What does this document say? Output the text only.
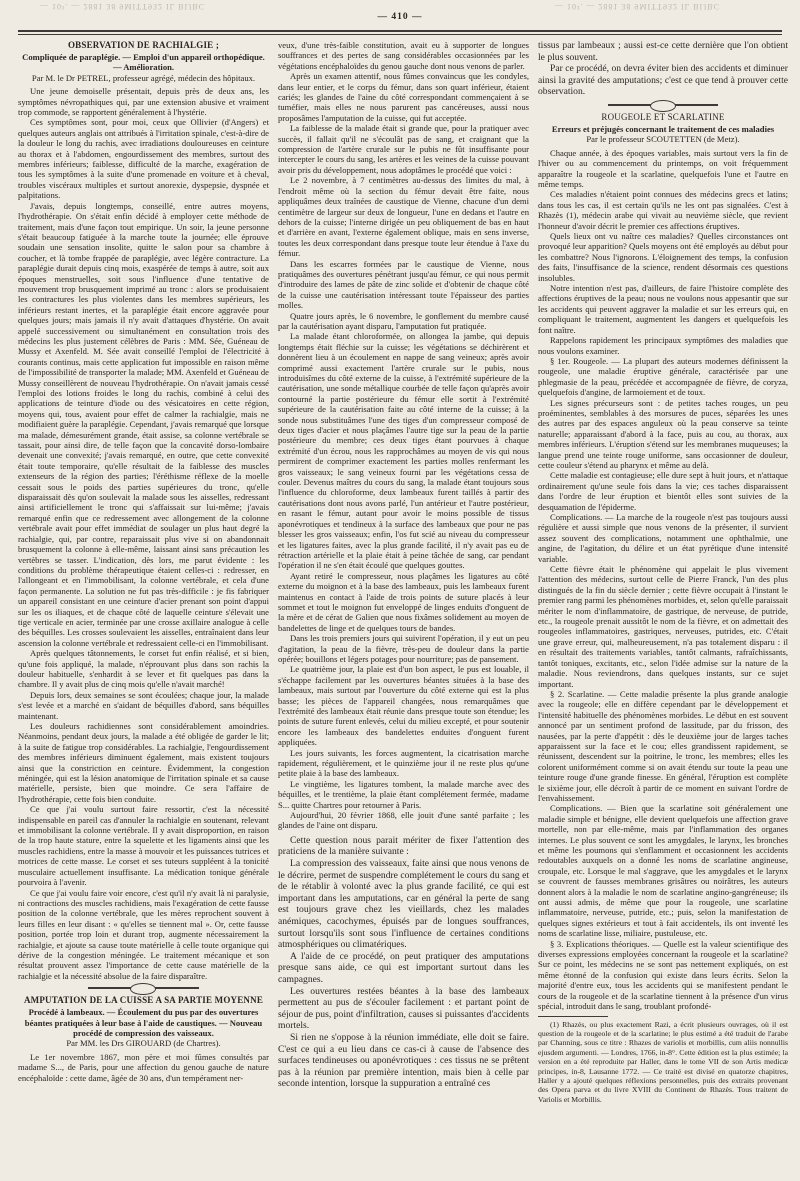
— 10². — 2881 38 9MITT932 IL BIJBC	— 10². — 2881 38 9MITT932 IL BIJBC
— 410 —
OBSERVATION DE RACHIALGIE ;
Compliquée de paraplégie. — Emploi d'un appareil orthopédique. — Amélioration.

Par M. le Dr PETREL, professeur agrégé, médecin des hôpitaux.

Une jeune demoiselle présentait, depuis près de deux ans, les symptômes névropathiques qui, par une extension abusive et vraiment trop commode, se rapportent généralement à l'hystérie.

Ces symptômes sont, pour moi, ceux que Ollivier (d'Angers) et quelques auteurs anglais ont attribués à l'irritation spinale, c'est-à-dire de la douleur le long du rachis, avec irradiations douloureuses en ceinture au thorax et à l'abdomen, engourdissement des membres, surtout des membres inférieurs; faiblesse, difficulté de la marche, exagération de tous les symptômes à la suite d'une promenade en voiture et à cheval, troubles viscéraux multiples et surtout anorexie, dyspepsie, dyspnée et palpitations.

J'avais, depuis longtemps, conseillé, entre autres moyens, l'hydrothérapie. On s'était enfin décidé à employer cette méthode de traitement, mais d'une façon tout empirique. Un soir, la jeune personne s'était beaucoup fatiguée à la marche toute la journée; elle éprouve soudain une sensation insolite, quitte le salon pour sa chambre à coucher, et là tombe frappée de paraplégie, avec légère contracture. La paraplégie durait depuis cinq mois, exaspérée de temps à autre, soit aux époques menstruelles, soit sous l'influence d'une tentative de mouvement trop brusquement imprimé au tronc : alors se produisaient les contractures les plus violentes dans les membres supérieurs, les inférieurs restant inertes, et la paraplégie était encore aggravée pour quelques jours; mais jamais il n'y avait d'attaques d'hystérie. On avait appelé successivement ou simultanément en consultation trois des médecins les plus justement célèbres de Paris : MM. Sée, Guéneau de Mussy et Axenfeld. M. Sée avait conseillé l'emploi de l'électricité à courants continus, mais cette application fut impossible en raison même de l'impossibilité de transporter la malade; MM. Axenfeld et Guéneau de Mussy conseillèrent de nouveau l'hydrothérapie. On n'avait jamais cessé l'emploi des lotions froides le long du rachis, combiné à celui des applications de teinture d'iode ou des vésicatoires en cette région, moyens qui, tous, avaient pour effet de calmer la rachialgie, mais ne modifiaient guère la paraplégie. Cependant, j'avais remarqué que lorsque ma malade, démesurément grande, était assise, sa colonne vertébrale se tassait, pour ainsi dire, de telle façon que la concavité dorso-lombaire devenait une convexité; j'avais remarqué, en outre, que cette convexité était toute temporaire, qu'elle résultait de la faiblesse des muscles extenseurs de la région des parties; l'éréthisme réflexe de la moelle cessait sous le poids des parties supérieures du tronc, qu'elle disparaissait dès qu'on soulevait la malade sous les aisselles, redressant ainsi artificiellement le tronc qui s'affaissait sur lui-même; j'avais remarqué enfin que ce redressement avec allongement de la colonne vertébrale avait pour effet immédiat de soulager un plus haut degré la rachialgie, qui, par contre, reparaissait plus vive si on abandonnait brusquement la colonne à elle-même, laissant ainsi sans précaution les vertèbres se tasser. L'indication, dès lors, me parut évidente : les conditions du problème thérapeutique étaient celles-ci : redresser, en l'allongeant et en l'immobilisant, la colonne vertébrale, et cela d'une façon permanente. La solution ne fut pas très-difficile : je fis fabriquer un appareil consistant en une ceinture d'acier prenant son point d'appui sur les os iliaques, et de chaque côté de laquelle ceinture s'élevait une tige verticale en acier, terminée par une crosse axillaire analogue à celle des béquilles. Les crosses soulevaient les aisselles, entraînaient dans leur ascension la colonne vertébrale et redressaient celle-ci en l'immobilisant.

Après quelques tâtonnements, le corset fut enfin réalisé, et si bien, qu'une fois appliqué, la malade, n'éprouvant plus dans son rachis la douleur habituelle, s'enhardit à se lever et fit quelques pas dans la chambre. Il y avait plus de cinq mois qu'elle n'avait marché!

Depuis lors, deux semaines se sont écoulées; chaque jour, la malade s'est levée et a marché en s'aidant de béquilles d'abord, sans béquilles maintenant.

Les douleurs rachidiennes sont considérablement amoindries. Néanmoins, pendant deux jours, la malade a été obligée de garder le lit; à la suite de fatigue trop considérables. La rachialgie, l'engourdissement des membres inférieurs diminuent également, mais existent toujours ainsi que la constriction en ceinture. Évidemment, la congestion méningée, qui est la lésion anatomique de l'irritation spinale et sa cause matérielle, persiste, bien que moindre. Ce sera l'affaire de l'hydrothérapie, cette fois bien conduite.

Ce que j'ai voulu surtout faire ressortir, c'est la nécessité indispensable en pareil cas d'annuler la rachialgie en soutenant, relevant et immobilisant la colonne vertébrale. Il y avait disproportion, en raison de la trop haute stature, entre la squelette et les ligaments ainsi que les muscles rachidiens, entre la masse à mouvoir et les puissances tutrices et motrices de cette masse. Le corset et ses tuteurs suppléent à la tonicité musculaire actuellement insuffisante. La médication tonique générale pourvoira à l'avenir.

Ce que j'ai voulu faire voir encore, c'est qu'il n'y avait là ni paralysie, ni contractions des muscles rachidiens, mais l'exagération de cette fausse position de la colonne vertébrale, que les mères reprochent souvent à leurs filles en leur disant : « qu'elles se tiennent mal ». Or, cette fausse position, portée trop loin et durant trop, augmente nécessairement la rachialgie, et ajoute sa cause toute matérielle à celle toute organique qui dérive de la congestion méningée. Le traitement mécanique et son résultat prouvent assez l'importance de cette cause matérielle de la rachialgie et la nécessité absolue de la faire disparaître.

AMPUTATION DE LA CUISSE A SA PARTIE MOYENNE
Procédé à lambeaux. — Écoulement du pus par des ouvertures béantes pratiquées à leur base à l'aide de caustiques. — Nouveau procédé de compression des vaisseaux.

Par MM. les Drs GIROUARD (de Chartres).

Le 1er novembre 1867, mon père et moi fûmes consultés par madame S..., de Paris, pour une affection du genou gauche de nature encéphaloïde : cette dame, âgée de 30 ans, d'un tempérament ner-

veux, d'une très-faible constitution, avait eu à supporter de longues souffrances et des pertes de sang considérables occasionnées par les végétations encéphaloïdes du genou gauche dont nous venons de parler.

Après un examen attentif, nous fûmes convaincus que les condyles, dans leur entier, et le corps du fémur, dans son quart inférieur, étaient cariés; les glandes de l'aine du côté correspondant commençaient à se tuméfier, mais elles ne nous parurent pas cancéreuses, aussi nous proposâmes l'amputation de la cuisse, qui fut acceptée.

La faiblesse de la malade était si grande que, pour la pratiquer avec succès, il fallait qu'il ne s'écoulât pas de sang, et craignant que la compression de l'artère crurale sur le pubis ne fût insuffisante pour intercepter le cours du sang, les artères et les veines de la cuisse pouvant avoir pris du développement, nous adoptâmes le procédé que voici :

Le 2 novembre, à 7 centimètres au-dessus des limites du mal, à l'endroit même où la section du fémur devait être faite, nous appliquâmes deux traînées de caustique de Vienne, chacune d'un demi centimètre de largeur sur deux de longueur, l'une en dedans et l'autre en dehors de la cuisse; l'interne dirigée un peu obliquement de bas en haut et d'arrière en avant, l'externe également oblique, mais en sens inverse, toutes les deux correspondant dans presque toute leur étendue à l'axe du fémur.

Dans les escarres formées par le caustique de Vienne, nous pratiquâmes des ouvertures pénétrant jusqu'au fémur, ce qui nous permit d'introduire des lames de pâte de zinc solide et d'obtenir de chaque côté de la cuisse une cautérisation intéressant toute l'épaisseur des parties molles.

Quatre jours après, le 6 novembre, le gonflement du membre causé par la cautérisation ayant disparu, l'amputation fut pratiquée.

La malade étant chloroformée, on allongea la jambe, qui depuis longtemps était fléchie sur la cuisse; les végétations se déchirèrent et donnèrent lieu à un écoulement en nappe de sang veineux; après avoir comprimé aussi exactement l'artère crurale sur le pubis, nous introduisîmes du côté externe de la cuisse, à l'extrémité supérieure de la cautérisation, une sonde métallique courbée de telle façon qu'après avoir contourné la partie postérieure du fémur elle sortit à l'extrémité supérieure de la cautérisation faite au côté interne de la cuisse; à la sonde nous substituâmes l'une des tiges d'un compresseur composé de deux tiges d'acier et nous plaçâmes l'autre tige sur la peau de la partie postérieure du membre; ces deux tiges étant pourvues à chaque extrémité d'un écrou, nous les rapprochâmes au moyen de vis qui nous permirent de comprimer exactement les parties molles renfermant les gros vaisseaux; le sang veineux fourni par les végétations cessa de couler. Devenus maîtres du cours du sang, la malade étant toujours sous l'influence du chloroforme, deux lambeaux furent taillés à partir des cautérisations dont nous avons parlé, l'un antérieur et l'autre postérieur, en rasant le fémur, autant pour avoir le moins possible de tissus aponévrotiques et tendineux à la surface des lambeaux que pour ne pas blesser les gros vaisseaux; enfin, l'os fut scié au niveau du compresseur et les ligatures faites, avec la plus grande facilité, il n'y avait pas eu de rétraction artérielle et la plaie était à peine tâchée de sang, car pendant l'opération il ne s'en était écoulé que quelques gouttes.

Ayant retiré le compresseur, nous plaçâmes les ligatures au côté externe du moignon et à la base des lambeaux, puis les lambeaux furent maintenus en contact à l'aide de trois points de suture placés à leur sommet et tout le moignon fut enveloppé de linges enduits d'onguent de la mère et de cérat de Galien que nous fixâmes solidement au moyen de bandelettes de linge et de quelques tours de bandes.

Dans les trois premiers jours qui suivirent l'opération, il y eut un peu d'agitation, la peau de la fièvre, très-peu de douleur dans la partie opérée; bouillons et légers potages pour nourriture; pas de pansement.

Le quatrième jour, la plaie est d'un bon aspect, le pus est louable, il s'échappe facilement par les ouvertures béantes situées à la base des lambeaux, mais surtout par l'ouverture du côté externe qui est la plus basse; les pièces de l'appareil changées, nous remarquâmes que l'extrémité des lambeaux était réunie dans presque toute son étendue; les points de suture furent enlevés, celui du milieu excepté, et pour soutenir encore les lambeaux des bandelettes enduites d'onguent furent appliquées.

Les jours suivants, les forces augmentent, la cicatrisation marche rapidement, régulièrement, et le quinzième jour il ne reste plus qu'une petite plaie à la base des lambeaux.

Le vingtième, les ligatures tombent, la malade marche avec des béquilles, et le trentième, la plaie étant complétement fermée, madame S... quitte Chartres pour retourner à Paris.

Aujourd'hui, 20 février 1868, elle jouit d'une santé parfaite ; les glandes de l'aine ont disparu.

Cette question nous parait mériter de fixer l'attention des praticiens de la manière suivante :

La compression des vaisseaux, faite ainsi que nous venons de le décrire, permet de suspendre complétement le cours du sang et de le rétablir à volonté avec la plus grande facilité, ce qui est important dans les amputations, car en général la perte de sang est toujours grave chez les vieillards, chez les malades anémiques, cacochymes, épuisés par de longues souffrances, surtout lorsqu'ils sont sous l'influence de certaines conditions atmosphériques ou climatériques.

A l'aide de ce procédé, on peut pratiquer des amputations presque sans aide, ce qui est important surtout dans les campagnes.

Les ouvertures restées béantes à la base des lambeaux permettent au pus de s'écouler facilement : et partant point de séjour de pus, point d'infiltration, causes si puissantes d'accidents mortels.

Si rien ne s'oppose à la réunion immédiate, elle doit se faire. C'est ce qui a eu lieu dans ce cas-ci à cause de l'absence des surfaces tendineuses ou aponévrotiques : ces tissus ne se prêtent pas à la réunion par première intention, mais bien à celle par seconde intention, lorsque la suppuration a entraîné ces

tissus par lambeaux ; aussi est-ce cette dernière que l'on obtient le plus souvent.

Par ce procédé, on devra éviter bien des accidents et diminuer ainsi la gravité des amputations; c'est ce que tend à prouver cette observation.

ROUGEOLE ET SCARLATINE
Erreurs et préjugés concernant le traitement de ces maladies

Par le professeur SCOUTETTEN (de Metz).

Chaque année, à des époques variables, mais surtout vers la fin de l'hiver ou au commencement du printemps, on voit fréquemment apparaître la rougeole et la scarlatine, quelquefois l'une et l'autre en même temps.

Ces maladies n'étaient point connues des médecins grecs et latins; dans tous les cas, il est certain qu'ils ne les ont pas signalées. C'est à Rhazès (1), médecin arabe qui vivait au neuvième siècle, que revient l'honneur d'avoir décrit le premier ces affections éruptives.

Quels lieux ont vu naître ces maladies? Quelles circonstances ont provoqué leur apparition? Quels moyens ont été employés au début pour les combattre? Nous l'ignorons. L'éloignement des temps, la confusion des faits, l'insuffisance de la science, rendent désormais ces questions insolubles.

Notre intention n'est pas, d'ailleurs, de faire l'histoire complète des affections éruptives de la peau; nous ne voulons nous appesantir que sur les accidents qui peuvent aggraver la maladie et sur les erreurs qui, en compliquant le traitement, augmentent les dangers et quelquefois les font naître.

Rappelons rapidement les principaux symptômes des maladies que nous voulons examiner.

§ 1er. Rougeole. — La plupart des auteurs modernes définissent la rougeole, une maladie éruptive générale, caractérisée par une phlegmasie de la peau, précédée et accompagnée de fièvre, de coryza, quelquefois d'angine, de larmoiement et de toux.

Les signes précurseurs sont : de petites taches rouges, un peu proéminentes, semblables à des morsures de puces, séparées les unes des autres par des espaces anguleux où la peau conserve sa teinte naturelle; apparaissant d'abord à la face, puis au cou, au thorax, aux membres inférieurs. L'éruption s'étend sur les membranes muqueuses; la langue prend une teinte rouge uniforme, sans occasionner de douleur, cette couleur s'étend au pharynx et même au delà.

Cette maladie est contagieuse; elle dure sept à huit jours, et n'attaque ordinairement qu'une seule fois dans la vie; ces taches disparaissent dans l'ordre de leur éruption et bientôt elles sont suivies de la desquamation de l'épiderme.

Complications. — La marche de la rougeole n'est pas toujours aussi régulière et aussi simple que nous venons de la présenter, il survient assez souvent des complications, notamment une ophthalmie, une angine, de l'agitation, du délire et un état pyrétique d'une intensité variable.

Cette fièvre était le phénomène qui appelait le plus vivement l'attention des médecins, surtout celle de Pierre Franck, l'un des plus distingués de la fin du siècle dernier ; cette fièvre occupait à l'instant le premier rang parmi les phénomènes morbides, et, selon qu'elle paraissait mériter le nom d'inflammatoire, de gastrique, de nerveuse, de putride, etc., la rougeole prenait aussitôt le nom de la fièvre, et on admettait des rougeoles inflammatoires, gastriques, nerveuses, putrides, etc. C'était une grave erreur, qui, malheureusement, n'a pas totalement disparu : il en résultait des traitements variables, tantôt calmants, rafraîchissants, tantôt toniques, excitants, etc., selon l'idée admise sur la nature de la maladie. Nous reviendrons, dans quelques instants, sur ce sujet important.

§ 2. Scarlatine. — Cette maladie présente la plus grande analogie avec la rougeole; elle en diffère cependant par le développement et l'intensité habituelle des phénomènes morbides. Le début en est souvent annoncé par un sentiment profond de lassitude, par du frisson, des nausées, par la perte d'appétit : dès le deuxième jour de larges taches apparaissent sur la face et le cou; elles grandissent rapidement, se réunissent, descendent sur la poitrine, le tronc, les membres; elles les colorent uniformément comme si on avait étendu sur toute la peau une teinture rouge d'une grande finesse. En général, l'éruption est complète le sixième jour, elle décroît à partir de ce moment en suivant l'ordre de l'envahissement.

Complications. — Bien que la scarlatine soit généralement une maladie simple et bénigne, elle devient quelquefois une affection grave mortelle, non par elle-même, mais par l'inflammation des organes internes. Le plus souvent ce sont les amygdales, le larynx, les bronches et même les poumons qui s'enflamment et occasionnent les accidents redoutables auxquels on a donné les noms de scarlatine angineuse, croupale, etc. Lorsque le mal s'aggrave, que les amygdales et le larynx se couvrent de fausses membranes grisâtres ou noirâtres, les auteurs donnent alors à la maladie le nom de scarlatine angino-gangréneuse; ils ont aussi admis, de même que pour la rougeole, une scarlatine inflammatoire, nerveuse, putride, etc.; puis, selon la manifestation de quelques signes extérieurs et tout à fait accidentels, ils ont inventé les noms de scarlatine lisse, miliaire, pustuleuse, etc.

§ 3. Explications théoriques. — Quelle est la valeur scientifique des diverses expressions employées concernant la rougeole et la scarlatine? Sur ce point, les médecins ne se sont pas nettement expliqués, on est même étonné de la confusion qui existe dans leurs écrits. Selon la majorité d'entre eux, tous les accidents qui se manifestent pendant le cours de la rougeole et de la scarlatine tiennent à la présence d'un virus spécial, introduit dans le sang, troublant profondé-

(1) Rhazès, ou plus exactement Razi, a écrit plusieurs ouvrages, où il est question de la rougeole et de la scarlatine; le plus estimé a été traduit de l'arabe par Channing, sous ce titre : Rhazes de variolis et morbillis, cum aliis nonnullis ejusdem argumenti. — Londres, 1766, in-8°. Cette édition est la plus estimée; la version en a été reproduite par Haller, dans le tome VII de son Artis medicæ principes, in-8, Lausanne 1772. — Ce traité est divisé en quatorze chapitres, Haller y a ajouté quelques réflexions personnelles, puis des extraits provenant des Opera parva et du livre XVIII du Continent de Rhazès. Tous traitent de Variolis et Morbillis.
